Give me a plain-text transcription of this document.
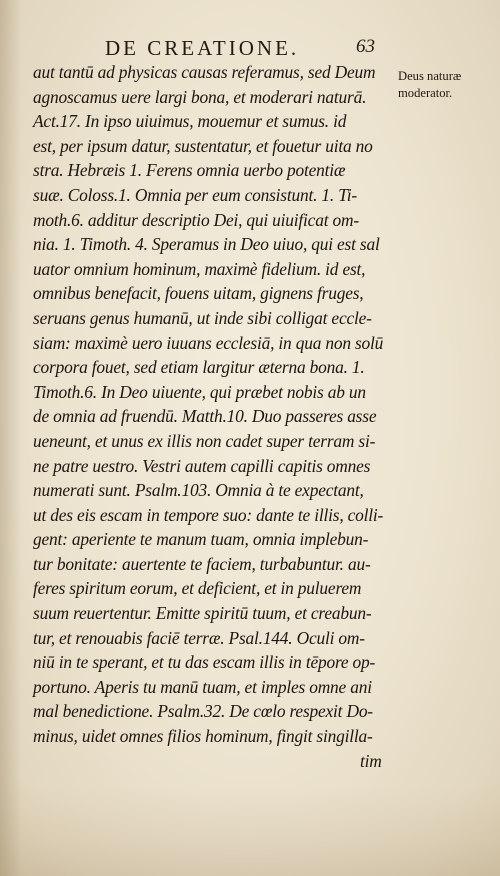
DE CREATIONE.	63
Deus naturæ
moderator.
aut tantū ad physicas causas referamus, sed Deum
agnoscamus uere largi bona, et moderari naturā.
Act.17. In ipso uiuimus, mouemur et sumus. id
est, per ipsum datur, sustentatur, et fouetur uita no
stra. Hebræis 1. Ferens omnia uerbo potentiæ
suæ. Coloss.1. Omnia per eum consistunt. 1. Ti-
moth.6. additur descriptio Dei, qui uiuificat om-
nia. 1. Timoth. 4. Speramus in Deo uiuo, qui est sal
uator omnium hominum, maximè fidelium. id est,
omnibus benefacit, fouens uitam, gignens fruges,
seruans genus humanū, ut inde sibi colligat eccle-
siam: maximè uero iuuans ecclesiā, in qua non solū
corpora fouet, sed etiam largitur æterna bona. 1.
Timoth.6. In Deo uiuente, qui præbet nobis ab un
de omnia ad fruendū. Matth.10. Duo passeres asse
ueneunt, et unus ex illis non cadet super terram si-
ne patre uestro. Vestri autem capilli capitis omnes
numerati sunt. Psalm.103. Omnia à te expectant,
ut des eis escam in tempore suo: dante te illis, colli-
gent: aperiente te manum tuam, omnia implebun-
tur bonitate: auertente te faciem, turbabuntur. au-
feres spiritum eorum, et deficient, et in puluerem
suum reuertentur. Emitte spiritū tuum, et creabun-
tur, et renouabis faciē terræ. Psal.144. Oculi om-
niū in te sperant, et tu das escam illis in tēpore op-
portuno. Aperis tu manū tuam, et imples omne ani
mal benedictione. Psalm.32. De cœlo respexit Do-
minus, uidet omnes filios hominum, fingit singilla-
tim
